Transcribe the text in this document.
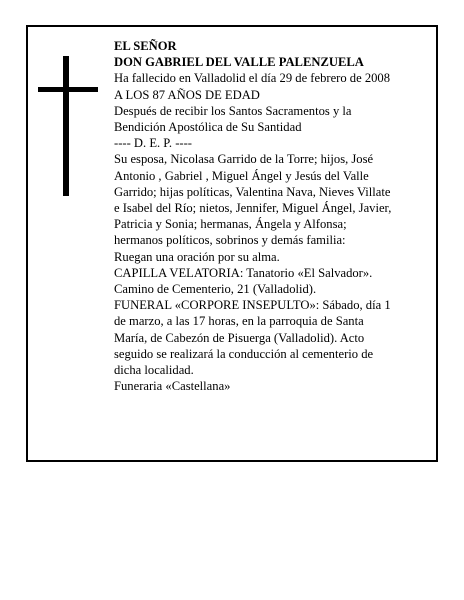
EL SEÑOR
DON GABRIEL DEL VALLE PALENZUELA
Ha fallecido en Valladolid el día 29 de febrero de 2008
A LOS 87 AÑOS DE EDAD
Después de recibir los Santos Sacramentos y la
Bendición Apostólica de Su Santidad
---- D. E. P. ----
Su esposa, Nicolasa Garrido de la Torre; hijos, José
Antonio , Gabriel , Miguel Ángel y Jesús del Valle
Garrido; hijas políticas, Valentina Nava, Nieves Villate
e Isabel del Río; nietos, Jennifer, Miguel Ángel, Javier,
Patricia y Sonia; hermanas, Ángela y Alfonsa;
hermanos políticos, sobrinos y demás familia:
Ruegan una oración por su alma.
CAPILLA VELATORIA: Tanatorio «El Salvador».
Camino de Cementerio, 21 (Valladolid).
FUNERAL «CORPORE INSEPULTO»: Sábado, día 1
de marzo, a las 17 horas, en la parroquia de Santa
María, de Cabezón de Pisuerga (Valladolid). Acto
seguido se realizará la conducción al cementerio de
dicha localidad.
Funeraria «Castellana»
